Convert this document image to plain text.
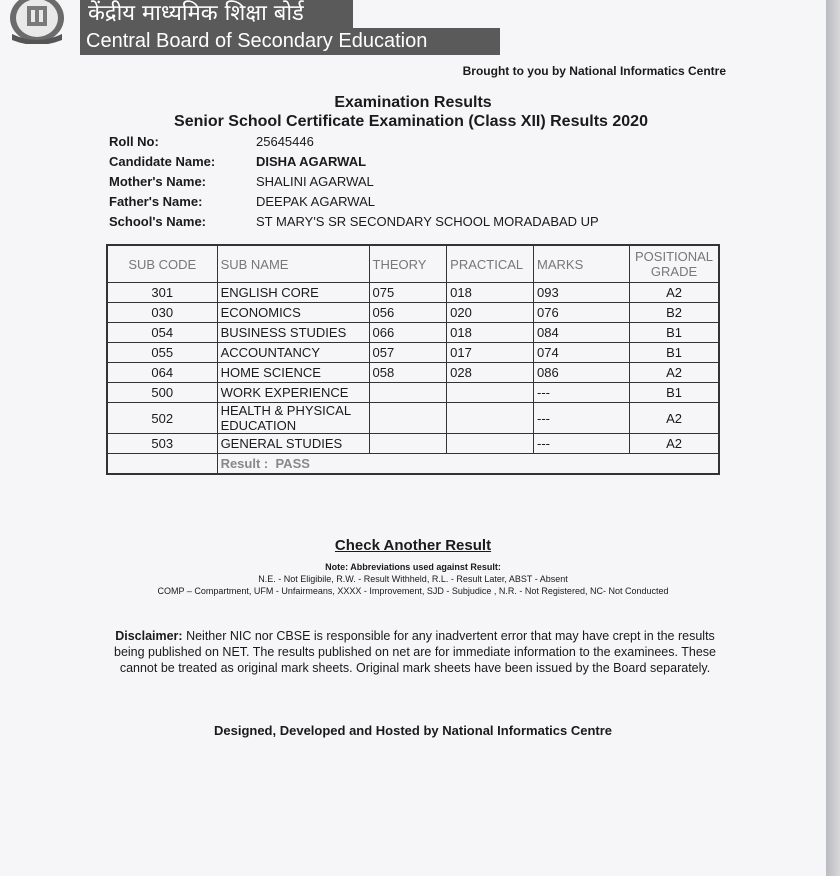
केंद्रीय माध्यमिक शिक्षा बोर्ड
Central Board of Secondary Education
Brought to you by National Informatics Centre
Examination Results
Senior School Certificate Examination (Class XII) Results 2020
Roll No:	25645446
Candidate Name:	DISHA AGARWAL
Mother's Name:	SHALINI AGARWAL
Father's Name:	DEEPAK AGARWAL
School's Name:	ST MARY'S SR SECONDARY SCHOOL MORADABAD UP
SUB CODE	SUB NAME	THEORY	PRACTICAL	MARKS	POSITIONAL GRADE
301	ENGLISH CORE	075	018	093	A2
030	ECONOMICS	056	020	076	B2
054	BUSINESS STUDIES	066	018	084	B1
055	ACCOUNTANCY	057	017	074	B1
064	HOME SCIENCE	058	028	086	A2
500	WORK EXPERIENCE			---	B1
502	HEALTH & PHYSICAL EDUCATION			---	A2
503	GENERAL STUDIES			---	A2
	Result : PASS				
Check Another Result
Note: Abbreviations used against Result:
N.E. - Not Eligibile, R.W. - Result Withheld, R.L. - Result Later, ABST - Absent
COMP – Compartment, UFM - Unfairmeans, XXXX - Improvement, SJD - Subjudice , N.R. - Not Registered, NC- Not Conducted
Disclaimer: Neither NIC nor CBSE is responsible for any inadvertent error that may have crept in the results being published on NET. The results published on net are for immediate information to the examinees. These cannot be treated as original mark sheets. Original mark sheets have been issued by the Board separately.
Designed, Developed and Hosted by National Informatics Centre
